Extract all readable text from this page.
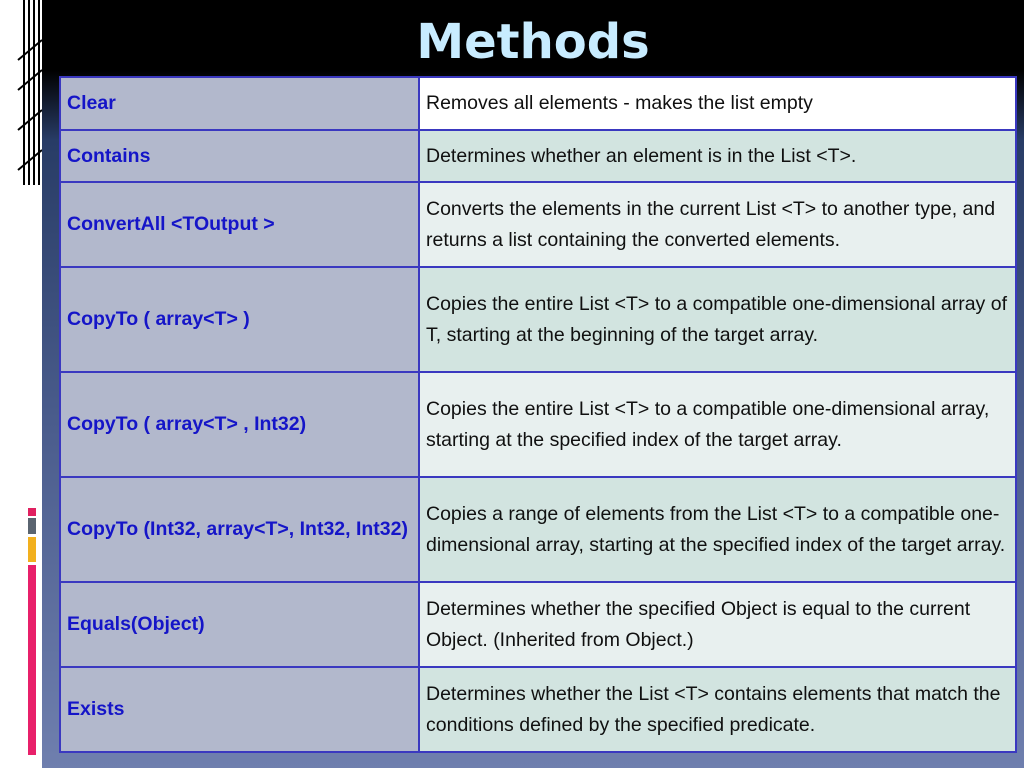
Methods
Clear	Removes all elements - makes the list empty
Contains	Determines whether an element is in the List <T>.
ConvertAll <TOutput >	Converts the elements in the current List <T> to another type, and returns a list containing the converted elements.
CopyTo ( array<T> )	Copies the entire List <T> to a compatible one-dimensional array of T, starting at the beginning of the target array.
CopyTo ( array<T> , Int32)	Copies the entire List <T> to a compatible one-dimensional array, starting at the specified index of the target array.
CopyTo (Int32, array<T>, Int32, Int32)	Copies a range of elements from the List <T> to a compatible one-dimensional array, starting at the specified index of the target array.
Equals(Object)	Determines whether the specified Object is equal to the current Object. (Inherited from Object.)
Exists	Determines whether the List <T> contains elements that match the conditions defined by the specified predicate.
